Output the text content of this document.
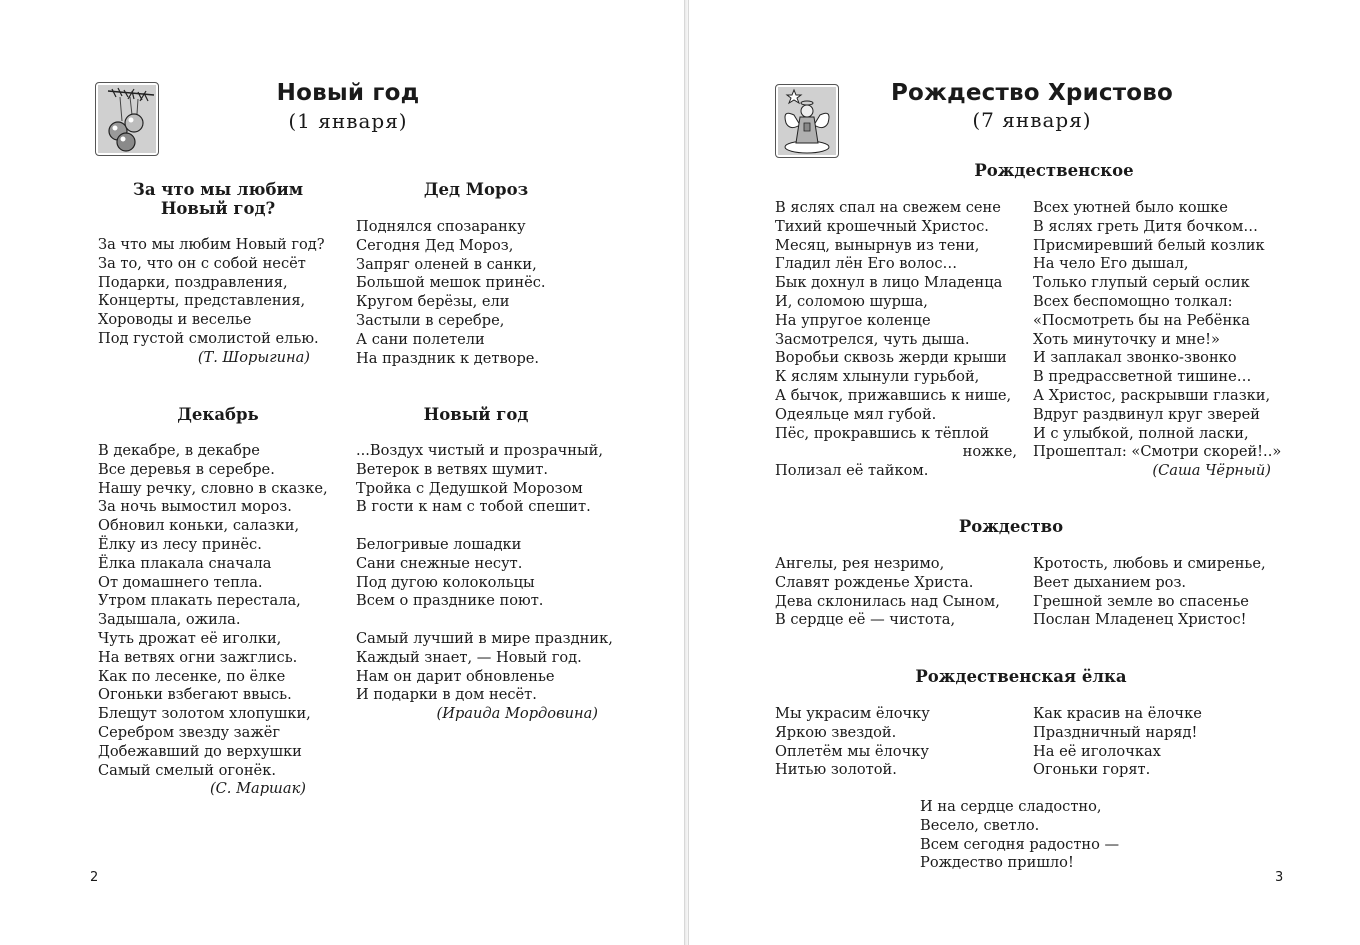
Новый год
(1 января)
За что мы любим
Новый год?
За что мы любим Новый год?
За то, что он с собой несёт
Подарки, поздравления,
Концерты, представления,
Хороводы и веселье
Под густой смолистой елью.
(Т. Шорыгина)
Дед Мороз
Поднялся спозаранку
Сегодня Дед Мороз,
Запряг оленей в санки,
Большой мешок принёс.
Кругом берёзы, ели
Застыли в серебре,
А сани полетели
На праздник к детворе.
Декабрь
В декабре, в декабре
Все деревья в серебре.
Нашу речку, словно в сказке,
За ночь вымостил мороз.
Обновил коньки, салазки,
Ёлку из лесу принёс.
Ёлка плакала сначала
От домашнего тепла.
Утром плакать перестала,
Задышала, ожила.
Чуть дрожат её иголки,
На ветвях огни зажглись.
Как по лесенке, по ёлке
Огоньки взбегают ввысь.
Блещут золотом хлопушки,
Серебром звезду зажёг
Добежавший до верхушки
Самый смелый огонёк.
(С. Маршак)
Новый год
...Воздух чистый и прозрачный,
Ветерок в ветвях шумит.
Тройка с Дедушкой Морозом
В гости к нам с тобой спешит.
Белогривые лошадки
Сани снежные несут.
Под дугою колокольцы
Всем о празднике поют.
Самый лучший в мире праздник,
Каждый знает, — Новый год.
Нам он дарит обновленье
И подарки в дом несёт.
(Ираида Мордовина)
2
Рождество Христово
(7 января)
Рождественское
В яслях спал на свежем сене
Тихий крошечный Христос.
Месяц, вынырнув из тени,
Гладил лён Его волос…
Бык дохнул в лицо Младенца
И, соломою шурша,
На упругое коленце
Засмотрелся, чуть дыша.
Воробьи сквозь жерди крыши
К яслям хлынули гурьбой,
А бычок, прижавшись к нише,
Одеяльце мял губой.
Пёс, прокравшись к тёплой
ножке,
Полизал её тайком.
Всех уютней было кошке
В яслях греть Дитя бочком…
Присмиревший белый козлик
На чело Его дышал,
Только глупый серый ослик
Всех беспомощно толкал:
«Посмотреть бы на Ребёнка
Хоть минуточку и мне!»
И заплакал звонко-звонко
В предрассветной тишине…
А Христос, раскрывши глазки,
Вдруг раздвинул круг зверей
И с улыбкой, полной ласки,
Прошептал: «Смотри скорей!..»
(Саша Чёрный)
Рождество
Ангелы, рея незримо,
Славят рожденье Христа.
Дева склонилась над Сыном,
В сердце её — чистота,
Кротость, любовь и смиренье,
Веет дыханием роз.
Грешной земле во спасенье
Послан Младенец Христос!
Рождественская ёлка
Мы украсим ёлочку
Яркою звездой.
Оплетём мы ёлочку
Нитью золотой.
Как красив на ёлочке
Праздничный наряд!
На её иголочках
Огоньки горят.
И на сердце сладостно,
Весело, светло.
Всем сегодня радостно —
Рождество пришло!
3
